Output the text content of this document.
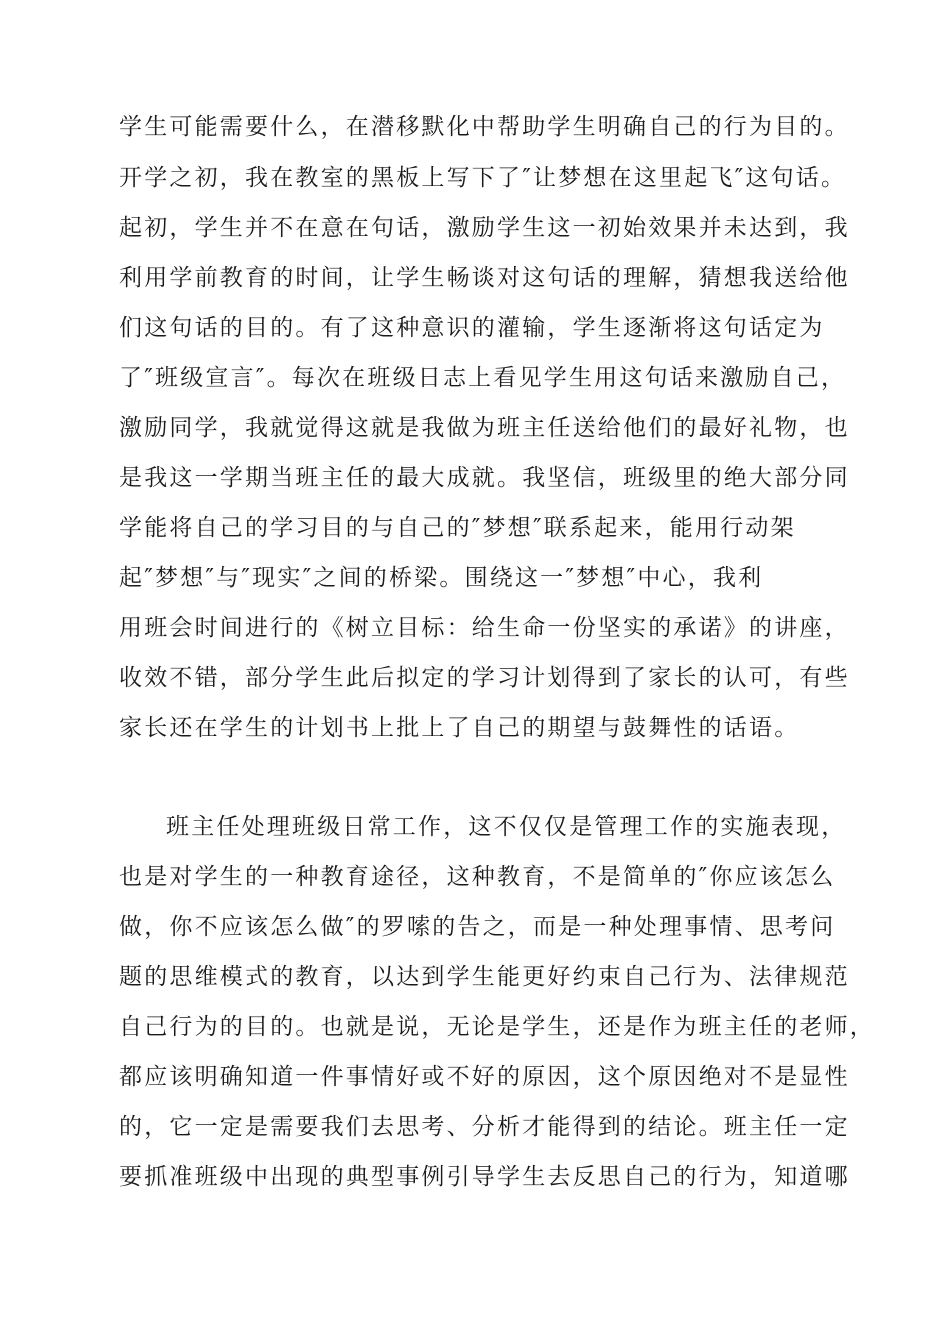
学生可能需要什么，在潜移默化中帮助学生明确自己的行为目的。
开学之初，我在教室的黑板上写下了″让梦想在这里起飞″这句话。
起初，学生并不在意在句话，激励学生这一初始效果并未达到，我
利用学前教育的时间，让学生畅谈对这句话的理解，猜想我送给他
们这句话的目的。有了这种意识的灌输，学生逐渐将这句话定为
了″班级宣言″。每次在班级日志上看见学生用这句话来激励自己，
激励同学，我就觉得这就是我做为班主任送给他们的最好礼物，也
是我这一学期当班主任的最大成就。我坚信，班级里的绝大部分同
学能将自己的学习目的与自己的″梦想″联系起来，能用行动架
起″梦想″与″现实″之间的桥梁。围绕这一″梦想″中心，我利
用班会时间进行的《树立目标：给生命一份坚实的承诺》的讲座，
收效不错，部分学生此后拟定的学习计划得到了家长的认可，有些
家长还在学生的计划书上批上了自己的期望与鼓舞性的话语。
班主任处理班级日常工作，这不仅仅是管理工作的实施表现，
也是对学生的一种教育途径，这种教育，不是简单的″你应该怎么
做，你不应该怎么做″的罗嗦的告之，而是一种处理事情、思考问
题的思维模式的教育，以达到学生能更好约束自己行为、法律规范
自己行为的目的。也就是说，无论是学生，还是作为班主任的老师，
都应该明确知道一件事情好或不好的原因，这个原因绝对不是显性
的，它一定是需要我们去思考、分析才能得到的结论。班主任一定
要抓准班级中出现的典型事例引导学生去反思自己的行为，知道哪
